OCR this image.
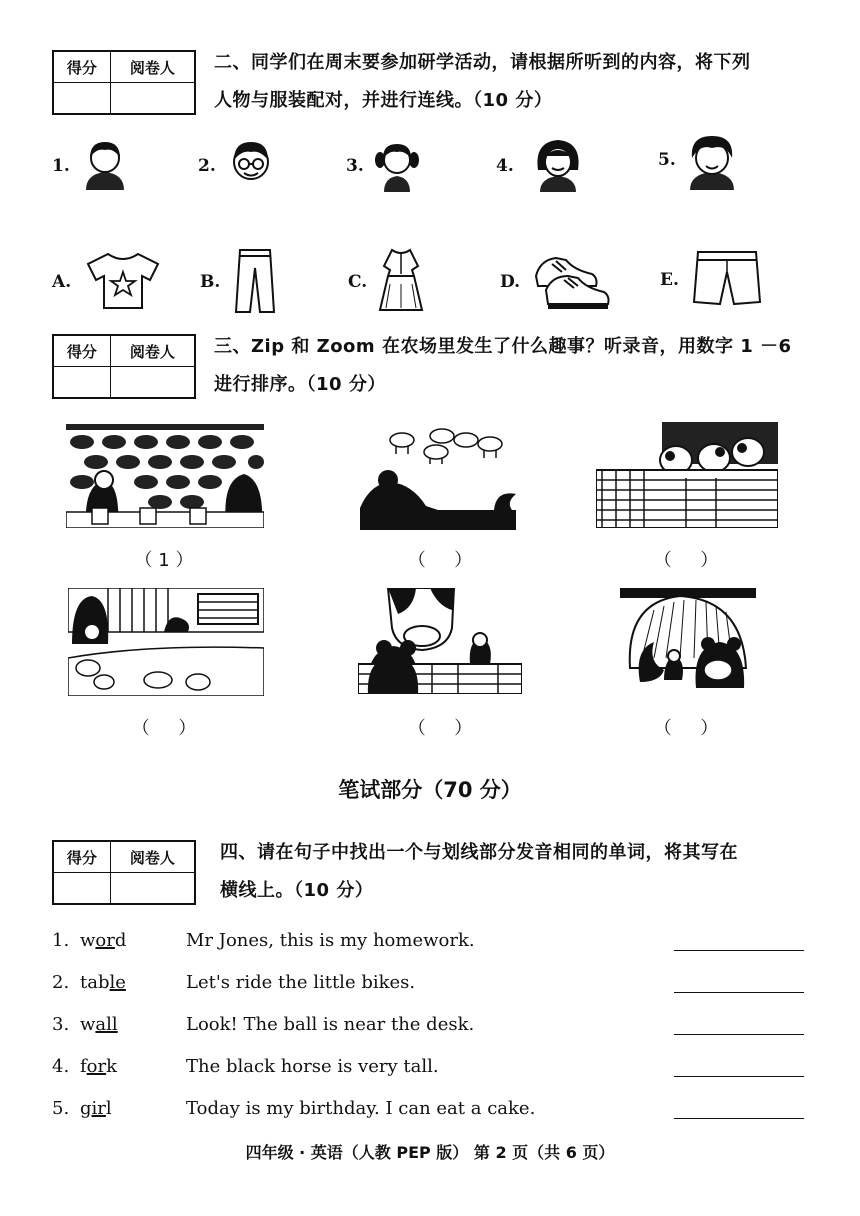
得分	阅卷人
	二、同学们在周末要参加研学活动，请根据所听到的内容，将下列
人物与服装配对，并进行连线。（10 分）
1.	2.	3.	4.	5.
A.	B.	C.	D.	E.
得分	阅卷人
	三、Zip 和 Zoom 在农场里发生了什么趣事？听录音，用数字 1 －6
进行排序。（10 分）
（ 1 ）	（     ）	（     ）
（     ）	（     ）	（     ）
笔试部分（70 分）
得分	阅卷人
		四、请在句子中找出一个与划线部分发音相同的单词，将其写在
横线上。（10 分）
1. word	Mr Jones, this is my homework.
2. table	Let's ride the little bikes.
3. wall	Look! The ball is near the desk.
4. fork	The black horse is very tall.
5. girl	Today is my birthday. I can eat a cake.
四年级 · 英语（人教 PEP 版） 第 2 页（共 6 页）
